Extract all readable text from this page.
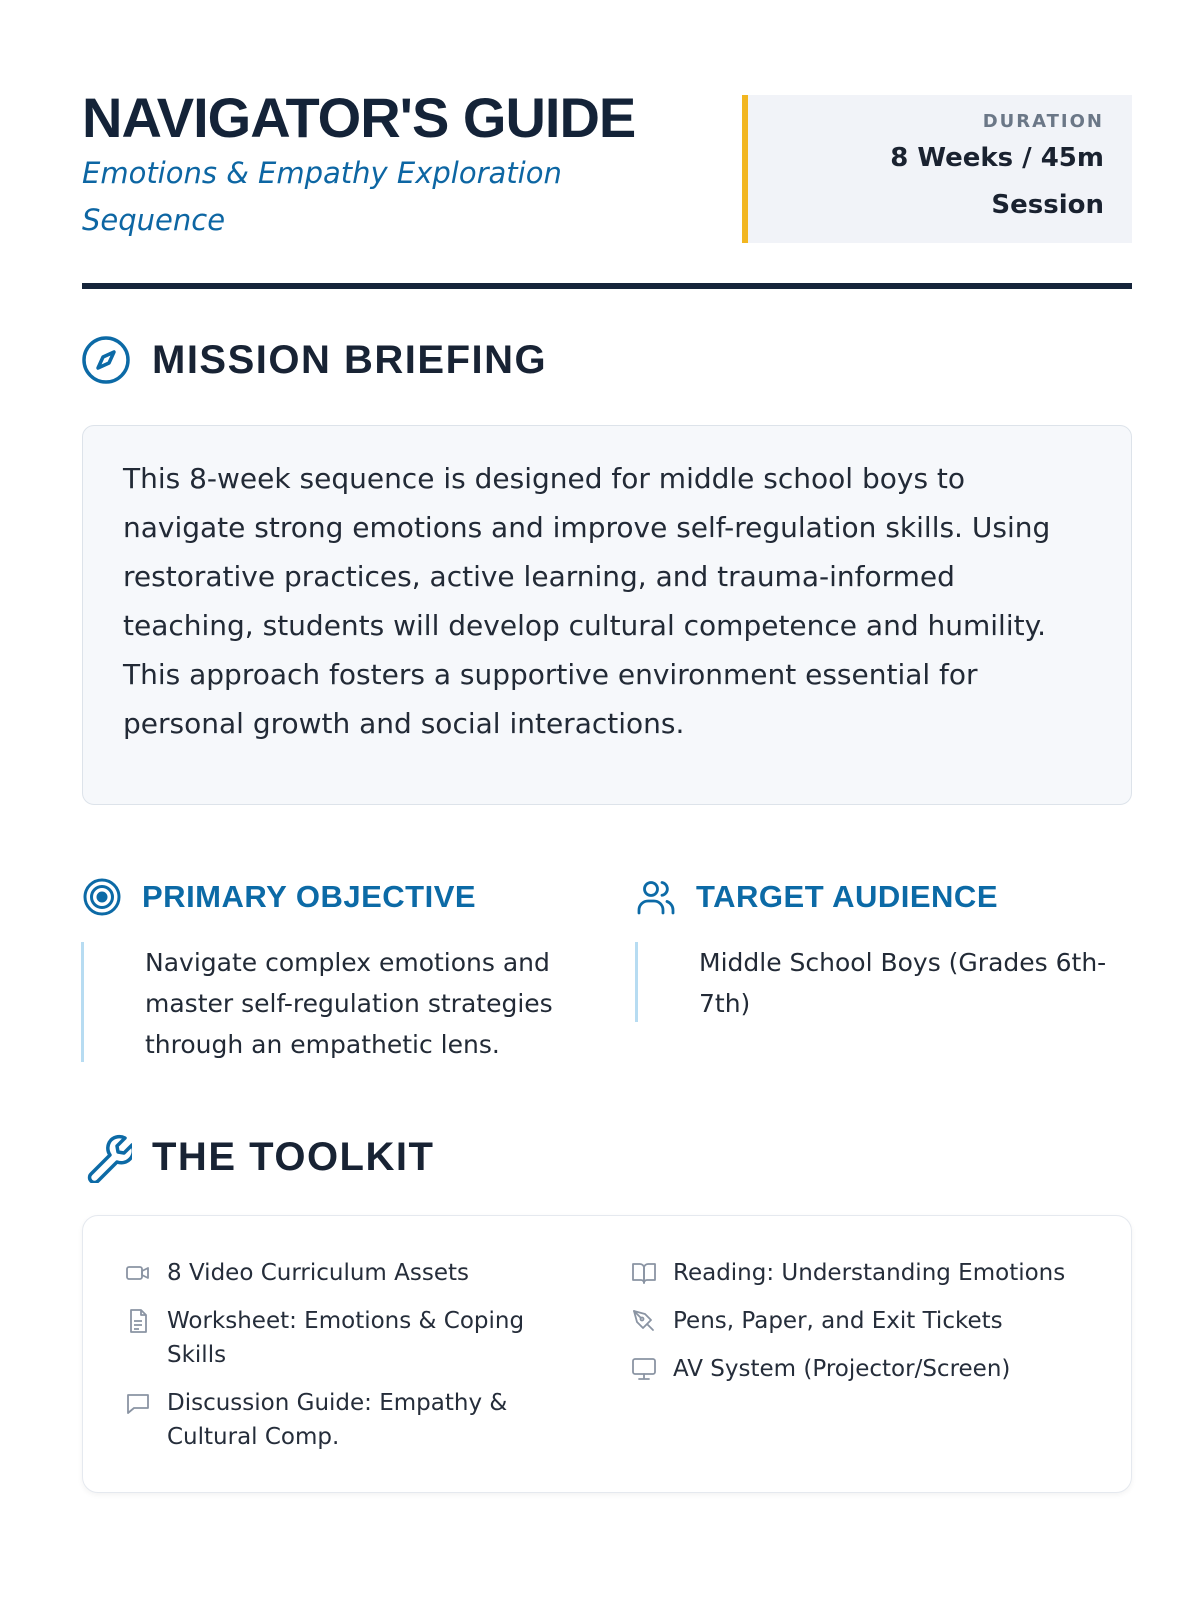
NAVIGATOR'S GUIDE
Emotions & Empathy Exploration Sequence
DURATION
8 Weeks / 45m Session
MISSION BRIEFING

This 8-week sequence is designed for middle school boys to navigate strong emotions and improve self-regulation skills. Using restorative practices, active learning, and trauma-informed teaching, students will develop cultural competence and humility. This approach fosters a supportive environment essential for personal growth and social interactions.

PRIMARY OBJECTIVE
Navigate complex emotions and master self-regulation strategies through an empathetic lens.
TARGET AUDIENCE
Middle School Boys (Grades 6th-7th)
THE TOOLKIT
8 Video Curriculum Assets
Worksheet: Emotions & Coping Skills
Discussion Guide: Empathy & Cultural Comp.
Reading: Understanding Emotions
Pens, Paper, and Exit Tickets
AV System (Projector/Screen)
